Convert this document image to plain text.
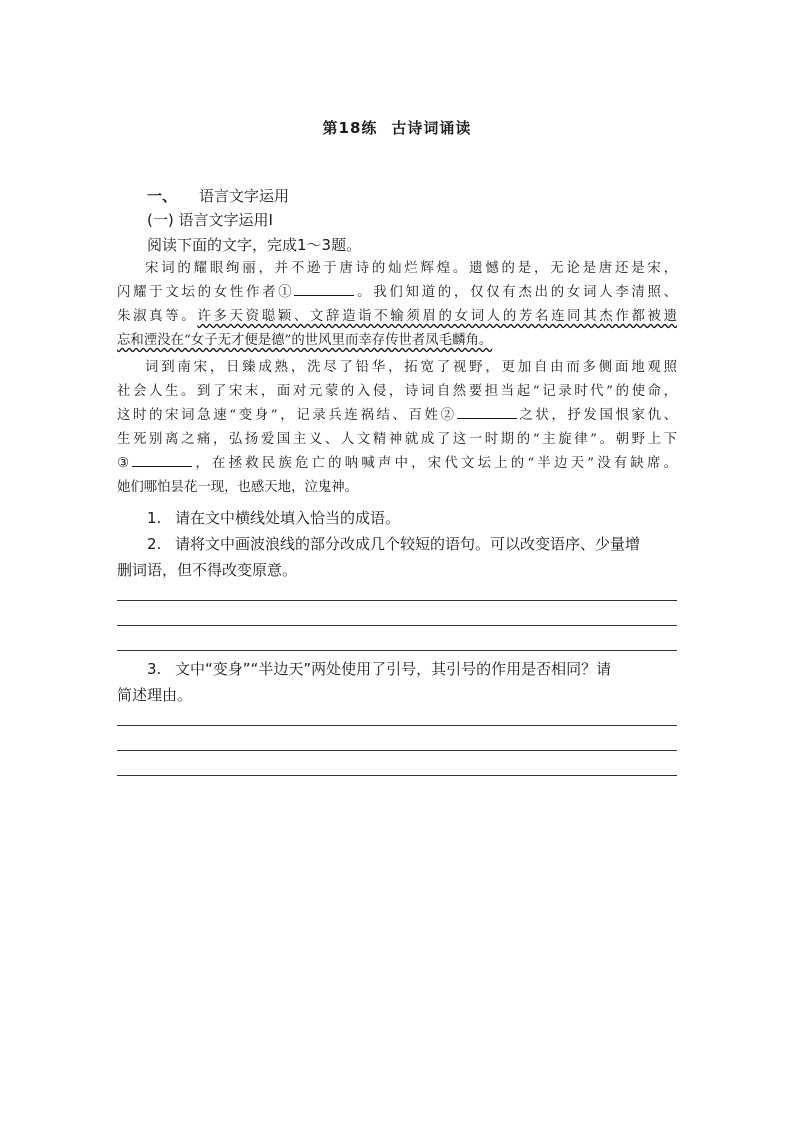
第18练 古诗词诵读
一、 语言文字运用
(一) 语言文字运用Ⅰ
阅读下面的文字，完成1～3题。
宋词的耀眼绚丽，并不逊于唐诗的灿烂辉煌。遗憾的是，无论是唐还是宋，
闪耀于文坛的女性作者①	。我们知道的，仅仅有杰出的女词人李清照、
朱淑真等。许多天资聪颖、文辞造诣不输须眉的女词人的芳名连同其杰作都被遗
忘和湮没在“女子无才便是德”的世风里而幸存传世者凤毛麟角。
词到南宋，日臻成熟，洗尽了铅华，拓宽了视野，更加自由而多侧面地观照
社会人生。到了宋末，面对元蒙的入侵，诗词自然要担当起“记录时代”的使命，
这时的宋词急速“变身”，记录兵连祸结、百姓②	之状，抒发国恨家仇、
生死别离之痛，弘扬爱国主义、人文精神就成了这一时期的“主旋律”。朝野上下
③	，在拯救民族危亡的呐喊声中，宋代文坛上的“半边天”没有缺席。
她们哪怕昙花一现，也感天地，泣鬼神。
1. 请在文中横线处填入恰当的成语。
2. 请将文中画波浪线的部分改成几个较短的语句。可以改变语序、少量增
删词语，但不得改变原意。
3. 文中“变身”“半边天”两处使用了引号，其引号的作用是否相同？请
简述理由。
